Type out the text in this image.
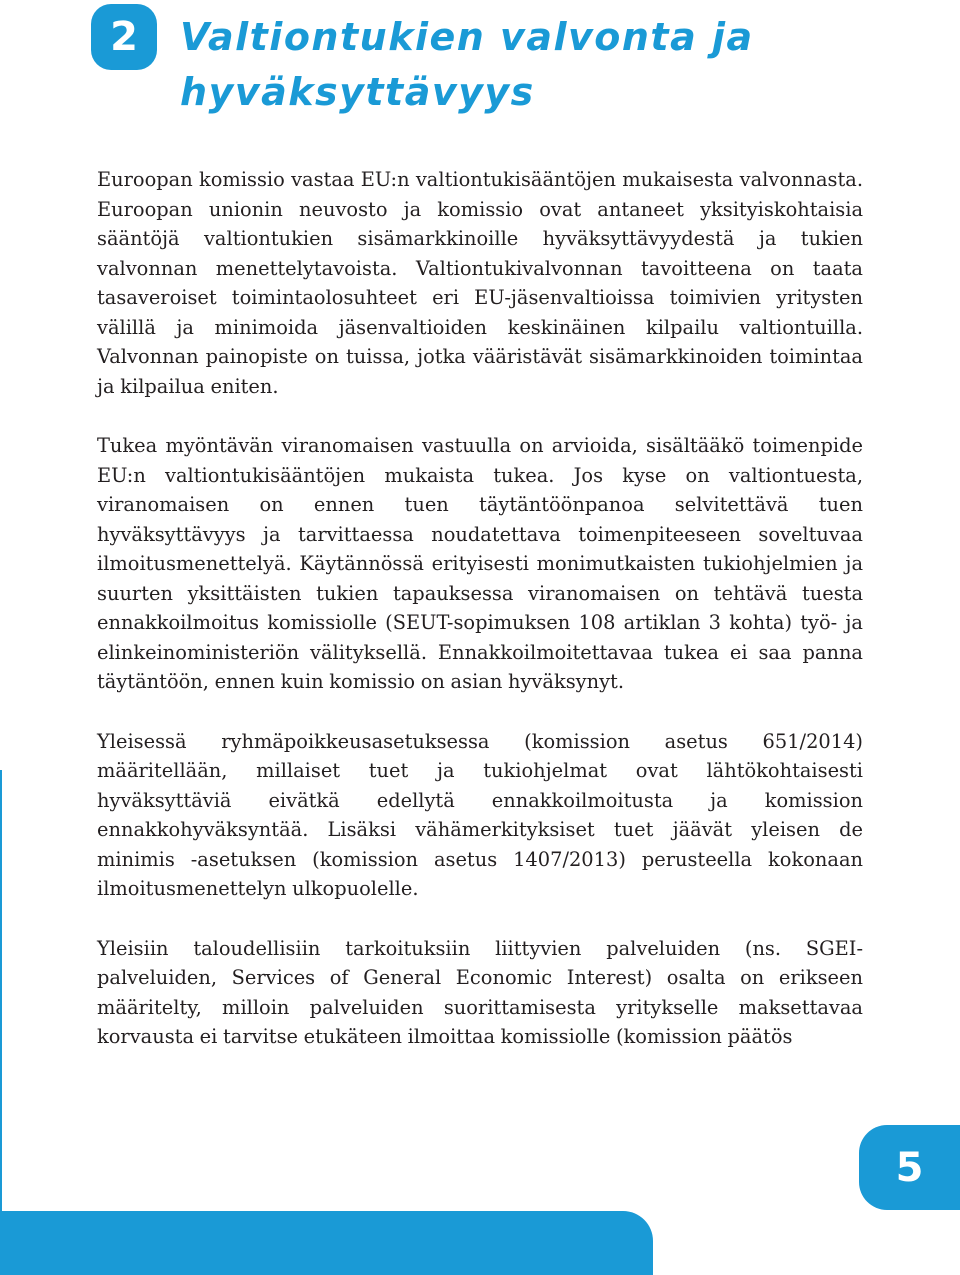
2 Valtiontukien valvonta ja hyväksyttävyys

Euroopan komissio vastaa EU:n valtiontukisääntöjen mukaisesta valvonnasta. Euroopan unionin neuvosto ja komissio ovat antaneet yksityiskohtaisia sääntöjä valtiontukien sisämarkkinoille hyväksyttävyydestä ja tukien valvonnan menettelytavoista. Valtiontukivalvonnan tavoitteena on taata tasaveroiset toimintaolosuhteet eri EU-jäsenvaltioissa toimivien yritysten välillä ja minimoida jäsenvaltioiden keskinäinen kilpailu valtiontuilla. Valvonnan painopiste on tuissa, jotka vääristävät sisämarkkinoiden toimintaa ja kilpailua eniten.

Tukea myöntävän viranomaisen vastuulla on arvioida, sisältääkö toimenpide EU:n valtiontukisääntöjen mukaista tukea. Jos kyse on valtiontuesta, viranomaisen on ennen tuen täytäntöönpanoa selvitettävä tuen hyväksyttävyys ja tarvittaessa noudatettava toimenpiteeseen soveltuvaa ilmoitusmenettelyä. Käytännössä erityisesti monimutkaisten tukiohjelmien ja suurten yksittäisten tukien tapauksessa viranomaisen on tehtävä tuesta ennakkoilmoitus komissiolle (SEUT-sopimuksen 108 artiklan 3 kohta) työ- ja elinkeinoministeriön välityksellä. Ennakkoilmoitettavaa tukea ei saa panna täytäntöön, ennen kuin komissio on asian hyväksynyt.

Yleisessä ryhmäpoikkeusasetuksessa (komission asetus 651/2014) määritellään, millaiset tuet ja tukiohjelmat ovat lähtökohtaisesti hyväksyttäviä eivätkä edellytä ennakkoilmoitusta ja komission ennakkohyväksyntää. Lisäksi vähämerkityksiset tuet jäävät yleisen de minimis -asetuksen (komission asetus 1407/2013) perusteella kokonaan ilmoitusmenettelyn ulkopuolelle.

Yleisiin taloudellisiin tarkoituksiin liittyvien palveluiden (ns. SGEI-palveluiden, Services of General Economic Interest) osalta on erikseen määritelty, milloin palveluiden suorittamisesta yritykselle maksettavaa korvausta ei tarvitse etukäteen ilmoittaa komissiolle (komission päätös

5
